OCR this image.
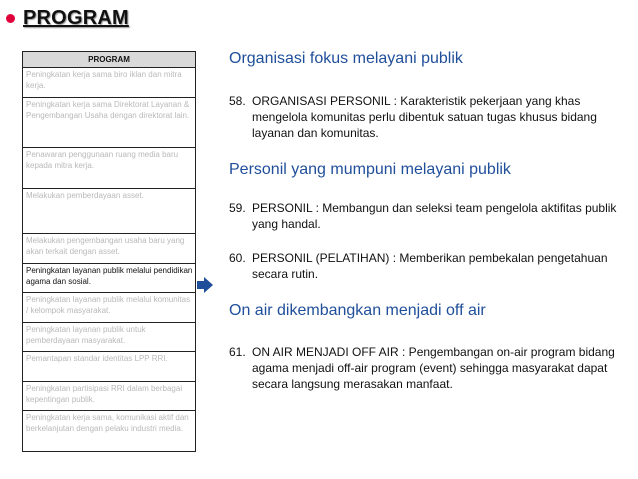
PROGRAM
PROGRAM
Peningkatan kerja sama biro iklan dan mitra kerja.
Peningkatan kerja sama Direktorat Layanan & Pengembangan Usaha dengan direktorat lain.
Penawaran penggunaan ruang media baru kepada mitra kerja.
Melakukan pemberdayaan asset.
Melakukan pengembangan usaha baru yang akan terkait dengan asset.
Peningkatan layanan publik melalui pendidikan agama dan sosial.
Peningkatan layanan publik melalui komunitas / kelompok masyarakat.
Peningkatan layanan publik untuk pemberdayaan masyarakat.
Pemantapan standar identitas LPP RRI.
Peningkatan partisipasi RRI dalam berbagai kepentingan publik.
Peningkatan kerja sama, komunikasi aktif dan berkelanjutan dengan pelaku industri media.
Organisasi fokus melayani publik
58. ORGANISASI PERSONIL : Karakteristik pekerjaan yang khas mengelola komunitas perlu dibentuk satuan tugas khusus bidang layanan dan komunitas.
Personil yang mumpuni melayani publik
59. PERSONIL : Membangun dan seleksi team pengelola aktifitas publik yang handal.
60. PERSONIL (PELATIHAN) : Memberikan pembekalan pengetahuan secara rutin.
On air dikembangkan menjadi off air
61. ON AIR MENJADI OFF AIR : Pengembangan on-air program bidang agama menjadi off-air program (event) sehingga masyarakat dapat secara langsung merasakan manfaat.
